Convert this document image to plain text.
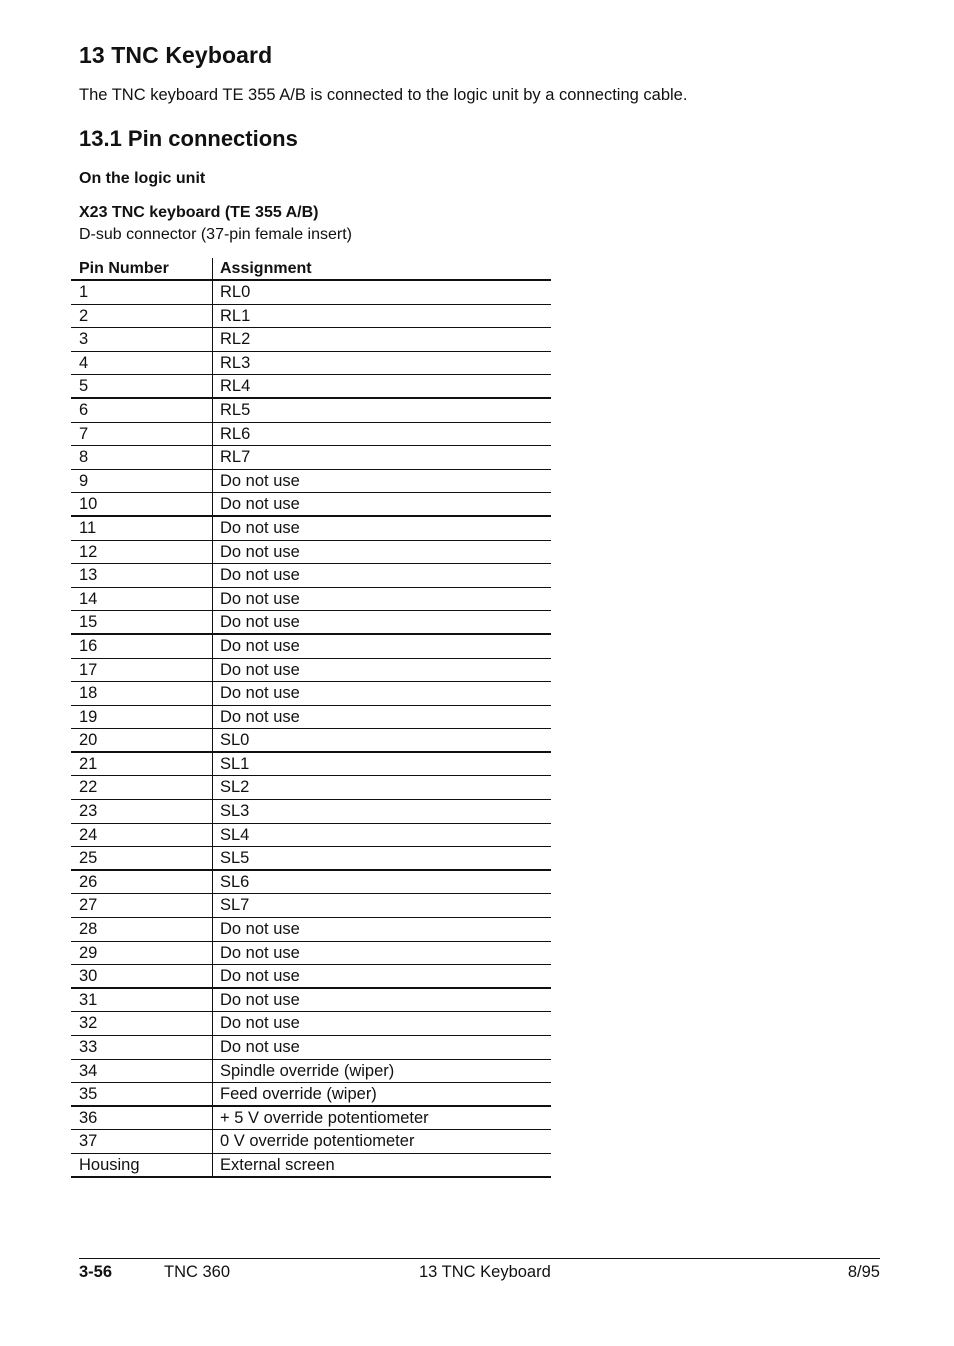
13 TNC Keyboard

The TNC keyboard TE 355 A/B is connected to the logic unit by a connecting cable.

13.1 Pin connections

On the logic unit

X23 TNC keyboard (TE 355 A/B)

D-sub connector (37-pin female insert)

Pin Number	Assignment
1	RL0
2	RL1
3	RL2
4	RL3
5	RL4
6	RL5
7	RL6
8	RL7
9	Do not use
10	Do not use
11	Do not use
12	Do not use
13	Do not use
14	Do not use
15	Do not use
16	Do not use
17	Do not use
18	Do not use
19	Do not use
20	SL0
21	SL1
22	SL2
23	SL3
24	SL4
25	SL5
26	SL6
27	SL7
28	Do not use
29	Do not use
30	Do not use
31	Do not use
32	Do not use
33	Do not use
34	Spindle override (wiper)
35	Feed override (wiper)
36	+ 5 V override potentiometer
37	0 V override potentiometer
Housing	External screen

3-56	TNC 360	13 TNC Keyboard	8/95
